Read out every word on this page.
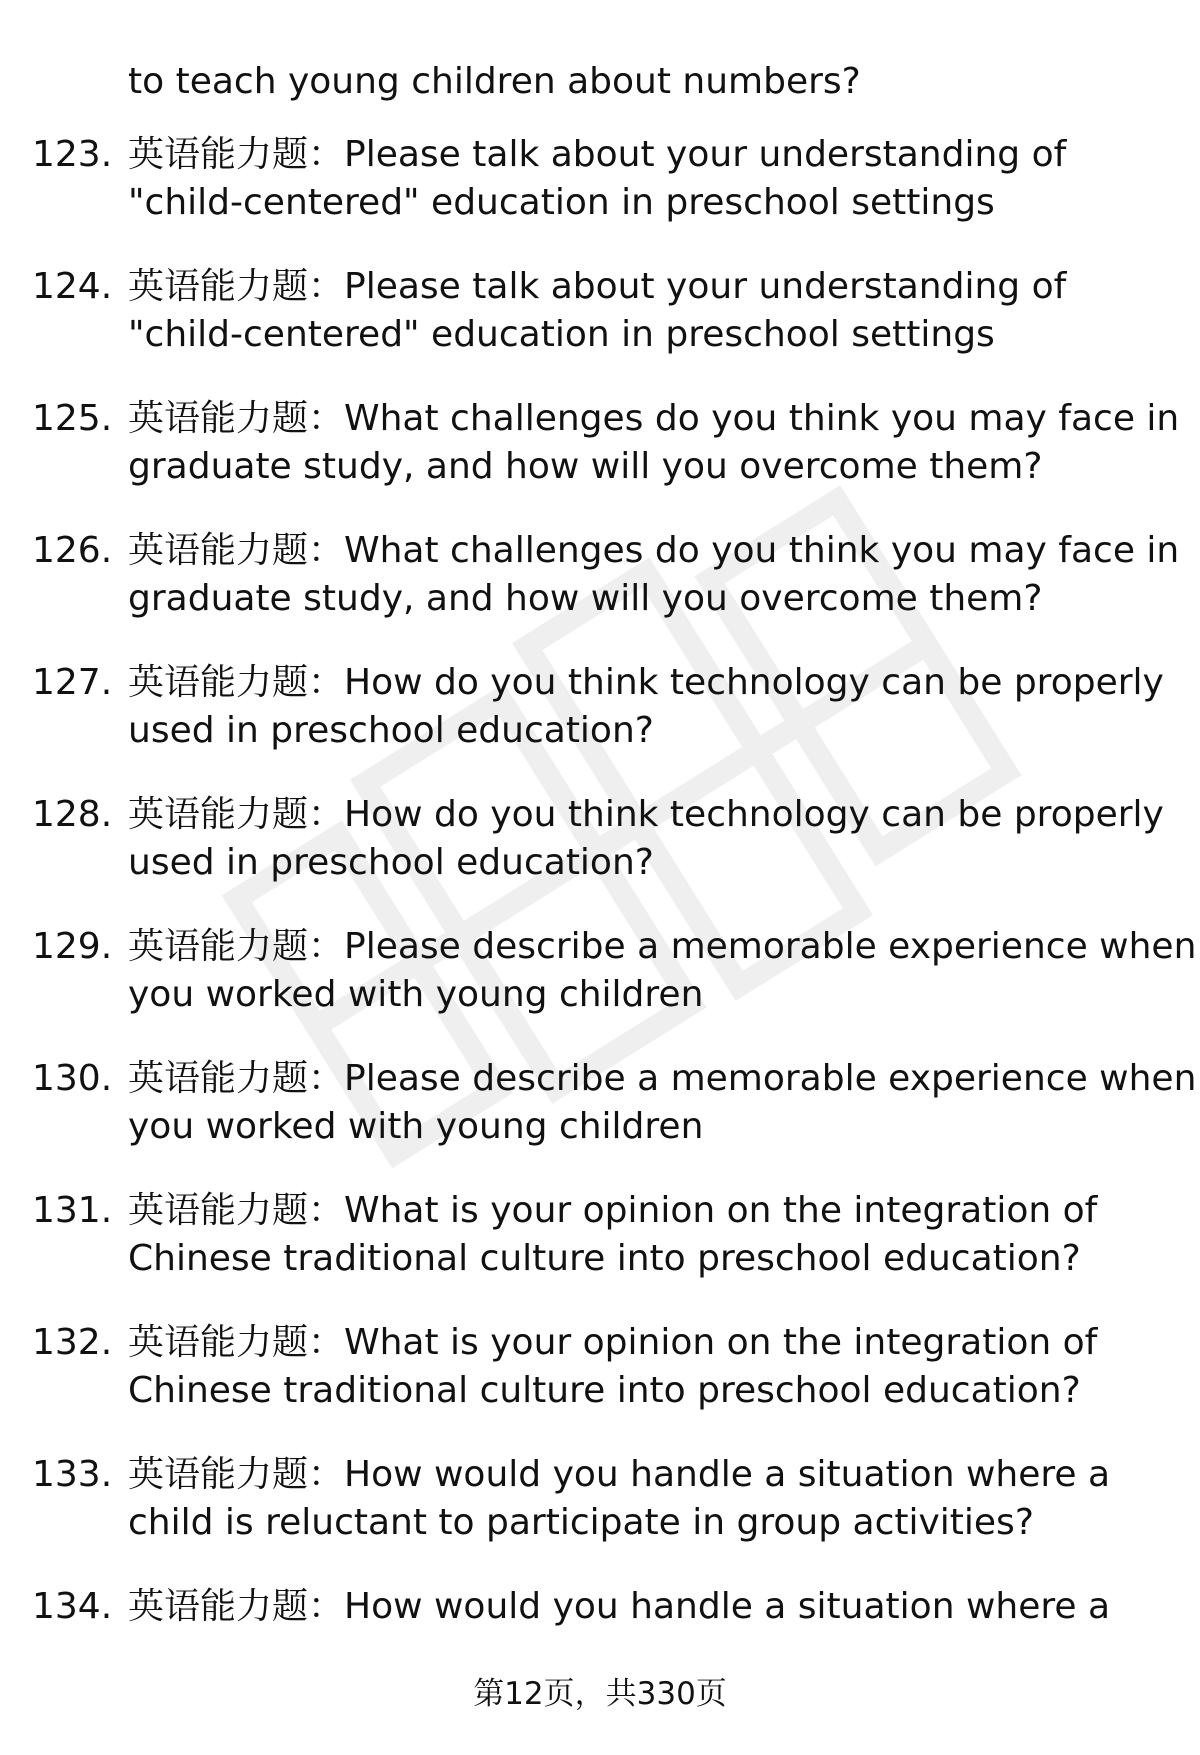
to teach young children about numbers?
123. 英语能力题：Please talk about your understanding of
"child-centered" education in preschool settings
124. 英语能力题：Please talk about your understanding of
"child-centered" education in preschool settings
125. 英语能力题：What challenges do you think you may face in
graduate study, and how will you overcome them?
126. 英语能力题：What challenges do you think you may face in
graduate study, and how will you overcome them?
127. 英语能力题：How do you think technology can be properly
used in preschool education?
128. 英语能力题：How do you think technology can be properly
used in preschool education?
129. 英语能力题：Please describe a memorable experience when
you worked with young children
130. 英语能力题：Please describe a memorable experience when
you worked with young children
131. 英语能力题：What is your opinion on the integration of
Chinese traditional culture into preschool education?
132. 英语能力题：What is your opinion on the integration of
Chinese traditional culture into preschool education?
133. 英语能力题：How would you handle a situation where a
child is reluctant to participate in group activities?
134. 英语能力题：How would you handle a situation where a
第12页，共330页
